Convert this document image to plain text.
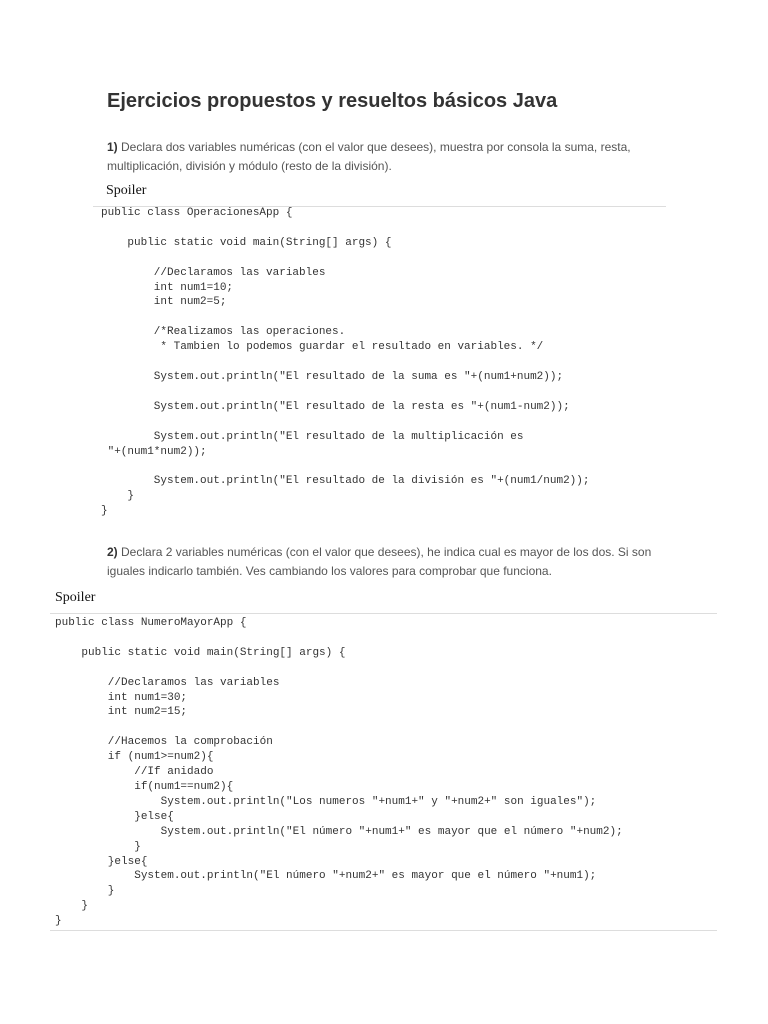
Ejercicios propuestos y resueltos básicos Java

1) Declara dos variables numéricas (con el valor que desees), muestra por consola la suma, resta, multiplicación, división y módulo (resto de la división).

Spoiler
public class OperacionesApp {

public static void main(String[] args) {

//Declaramos las variables
int num1=10;
int num2=5;

/*Realizamos las operaciones.
* Tambien lo podemos guardar el resultado en variables. */

System.out.println("El resultado de la suma es "+(num1+num2));

System.out.println("El resultado de la resta es "+(num1-num2));

System.out.println("El resultado de la multiplicación es
"+(num1*num2));

System.out.println("El resultado de la división es "+(num1/num2));
}
}

2) Declara 2 variables numéricas (con el valor que desees), he indica cual es mayor de los dos. Si son iguales indicarlo también. Ves cambiando los valores para comprobar que funciona.

Spoiler
public class NumeroMayorApp {

public static void main(String[] args) {

//Declaramos las variables
int num1=30;
int num2=15;

//Hacemos la comprobación
if (num1>=num2){
//If anidado
if(num1==num2){
System.out.println("Los numeros "+num1+" y "+num2+" son iguales");
}else{
System.out.println("El número "+num1+" es mayor que el número "+num2);
}
}else{
System.out.println("El número "+num2+" es mayor que el número "+num1);
}
}
}
